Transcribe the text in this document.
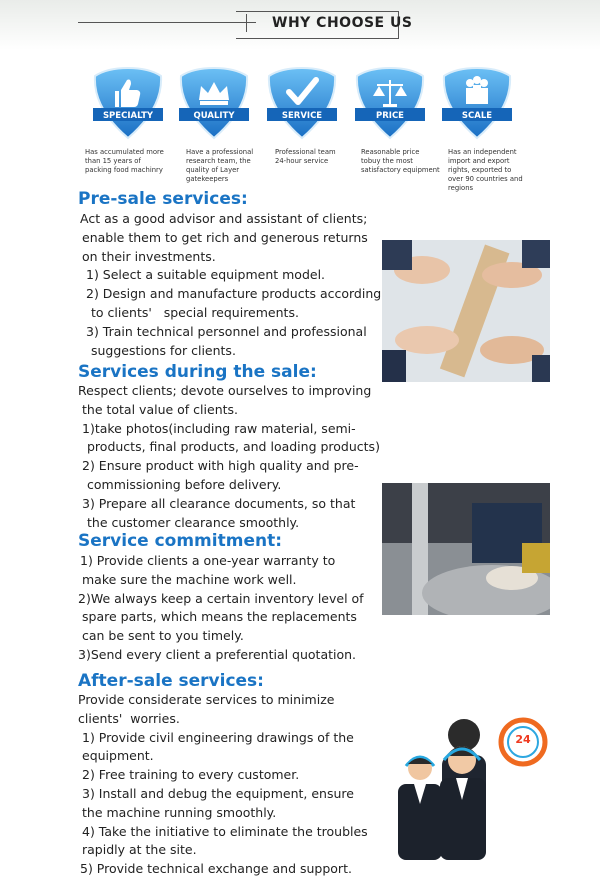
WHY CHOOSE US
SPECIALTY
Has accumulated more
than 15 years of
packing food machinry
QUALITY
Have a professional
research team, the
quality of Layer
gatekeepers
SERVICE
Professional team
24-hour service
PRICE
Reasonable price
tobuy the most
satisfactory equipment
SCALE
Has an independent
import and export
rights, exported to
over 90 countries and
regions
Pre-sale services:
Act as a good advisor and assistant of clients;
enable them to get rich and generous returns
on their investments.
1) Select a suitable equipment model.
2) Design and manufacture products according
to clients'   special requirements.
3) Train technical personnel and professional
suggestions for clients.
Services during the sale:
Respect clients; devote ourselves to improving
the total value of clients.
1)take photos(including raw material, semi-
products, final products, and loading products)
2) Ensure product with high quality and pre-
commissioning before delivery.
3) Prepare all clearance documents, so that
the customer clearance smoothly.
Service commitment:
1) Provide clients a one-year warranty to
make sure the machine work well.
2)We always keep a certain inventory level of
spare parts, which means the replacements
can be sent to you timely.
3)Send every client a preferential quotation.
After-sale services:
Provide considerate services to minimize
clients'  worries.
1) Provide civil engineering drawings of the
equipment.
2) Free training to every customer.
3) Install and debug the equipment, ensure
the machine running smoothly.
4) Take the initiative to eliminate the troubles
rapidly at the site.
5) Provide technical exchange and support.
24
